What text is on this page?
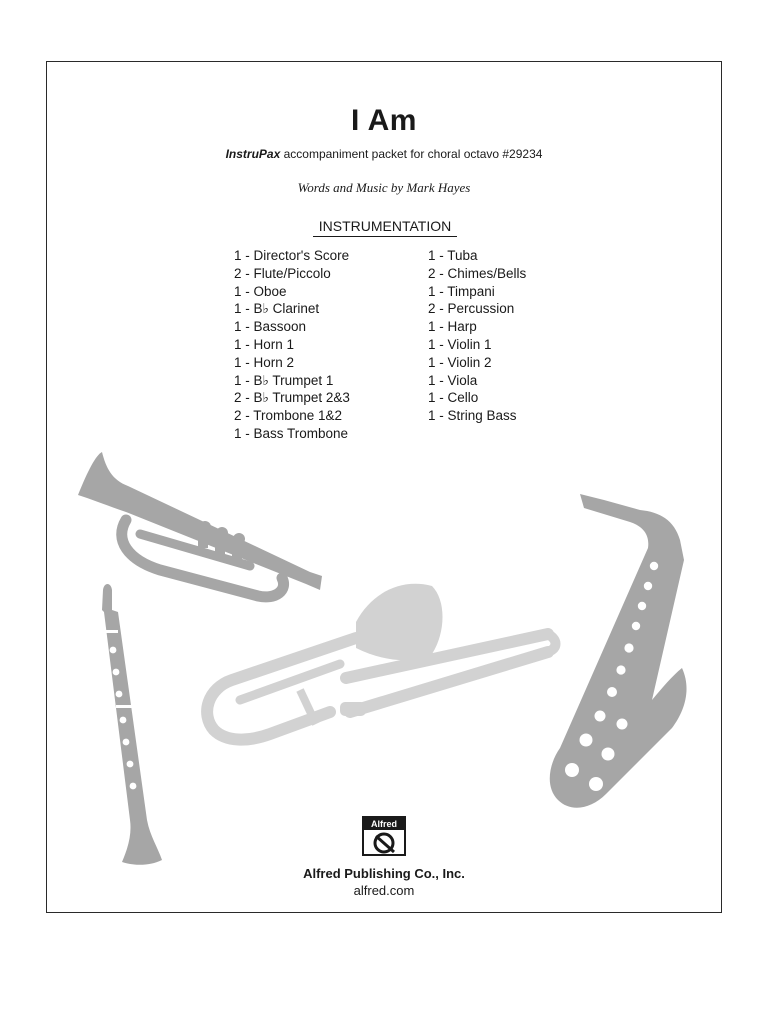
I Am
InstruPax accompaniment packet for choral octavo #29234
Words and Music by Mark Hayes
INSTRUMENTATION
1 - Director's Score
2 - Flute/Piccolo
1 - Oboe
1 - B♭ Clarinet
1 - Bassoon
1 - Horn 1
1 - Horn 2
1 - B♭ Trumpet 1
2 - B♭ Trumpet 2&3
2 - Trombone 1&2
1 - Bass Trombone
1 - Tuba
2 - Chimes/Bells
1 - Timpani
2 - Percussion
1 - Harp
1 - Violin 1
1 - Violin 2
1 - Viola
1 - Cello
1 - String Bass
Alfred
Alfred Publishing Co., Inc.
alfred.com
